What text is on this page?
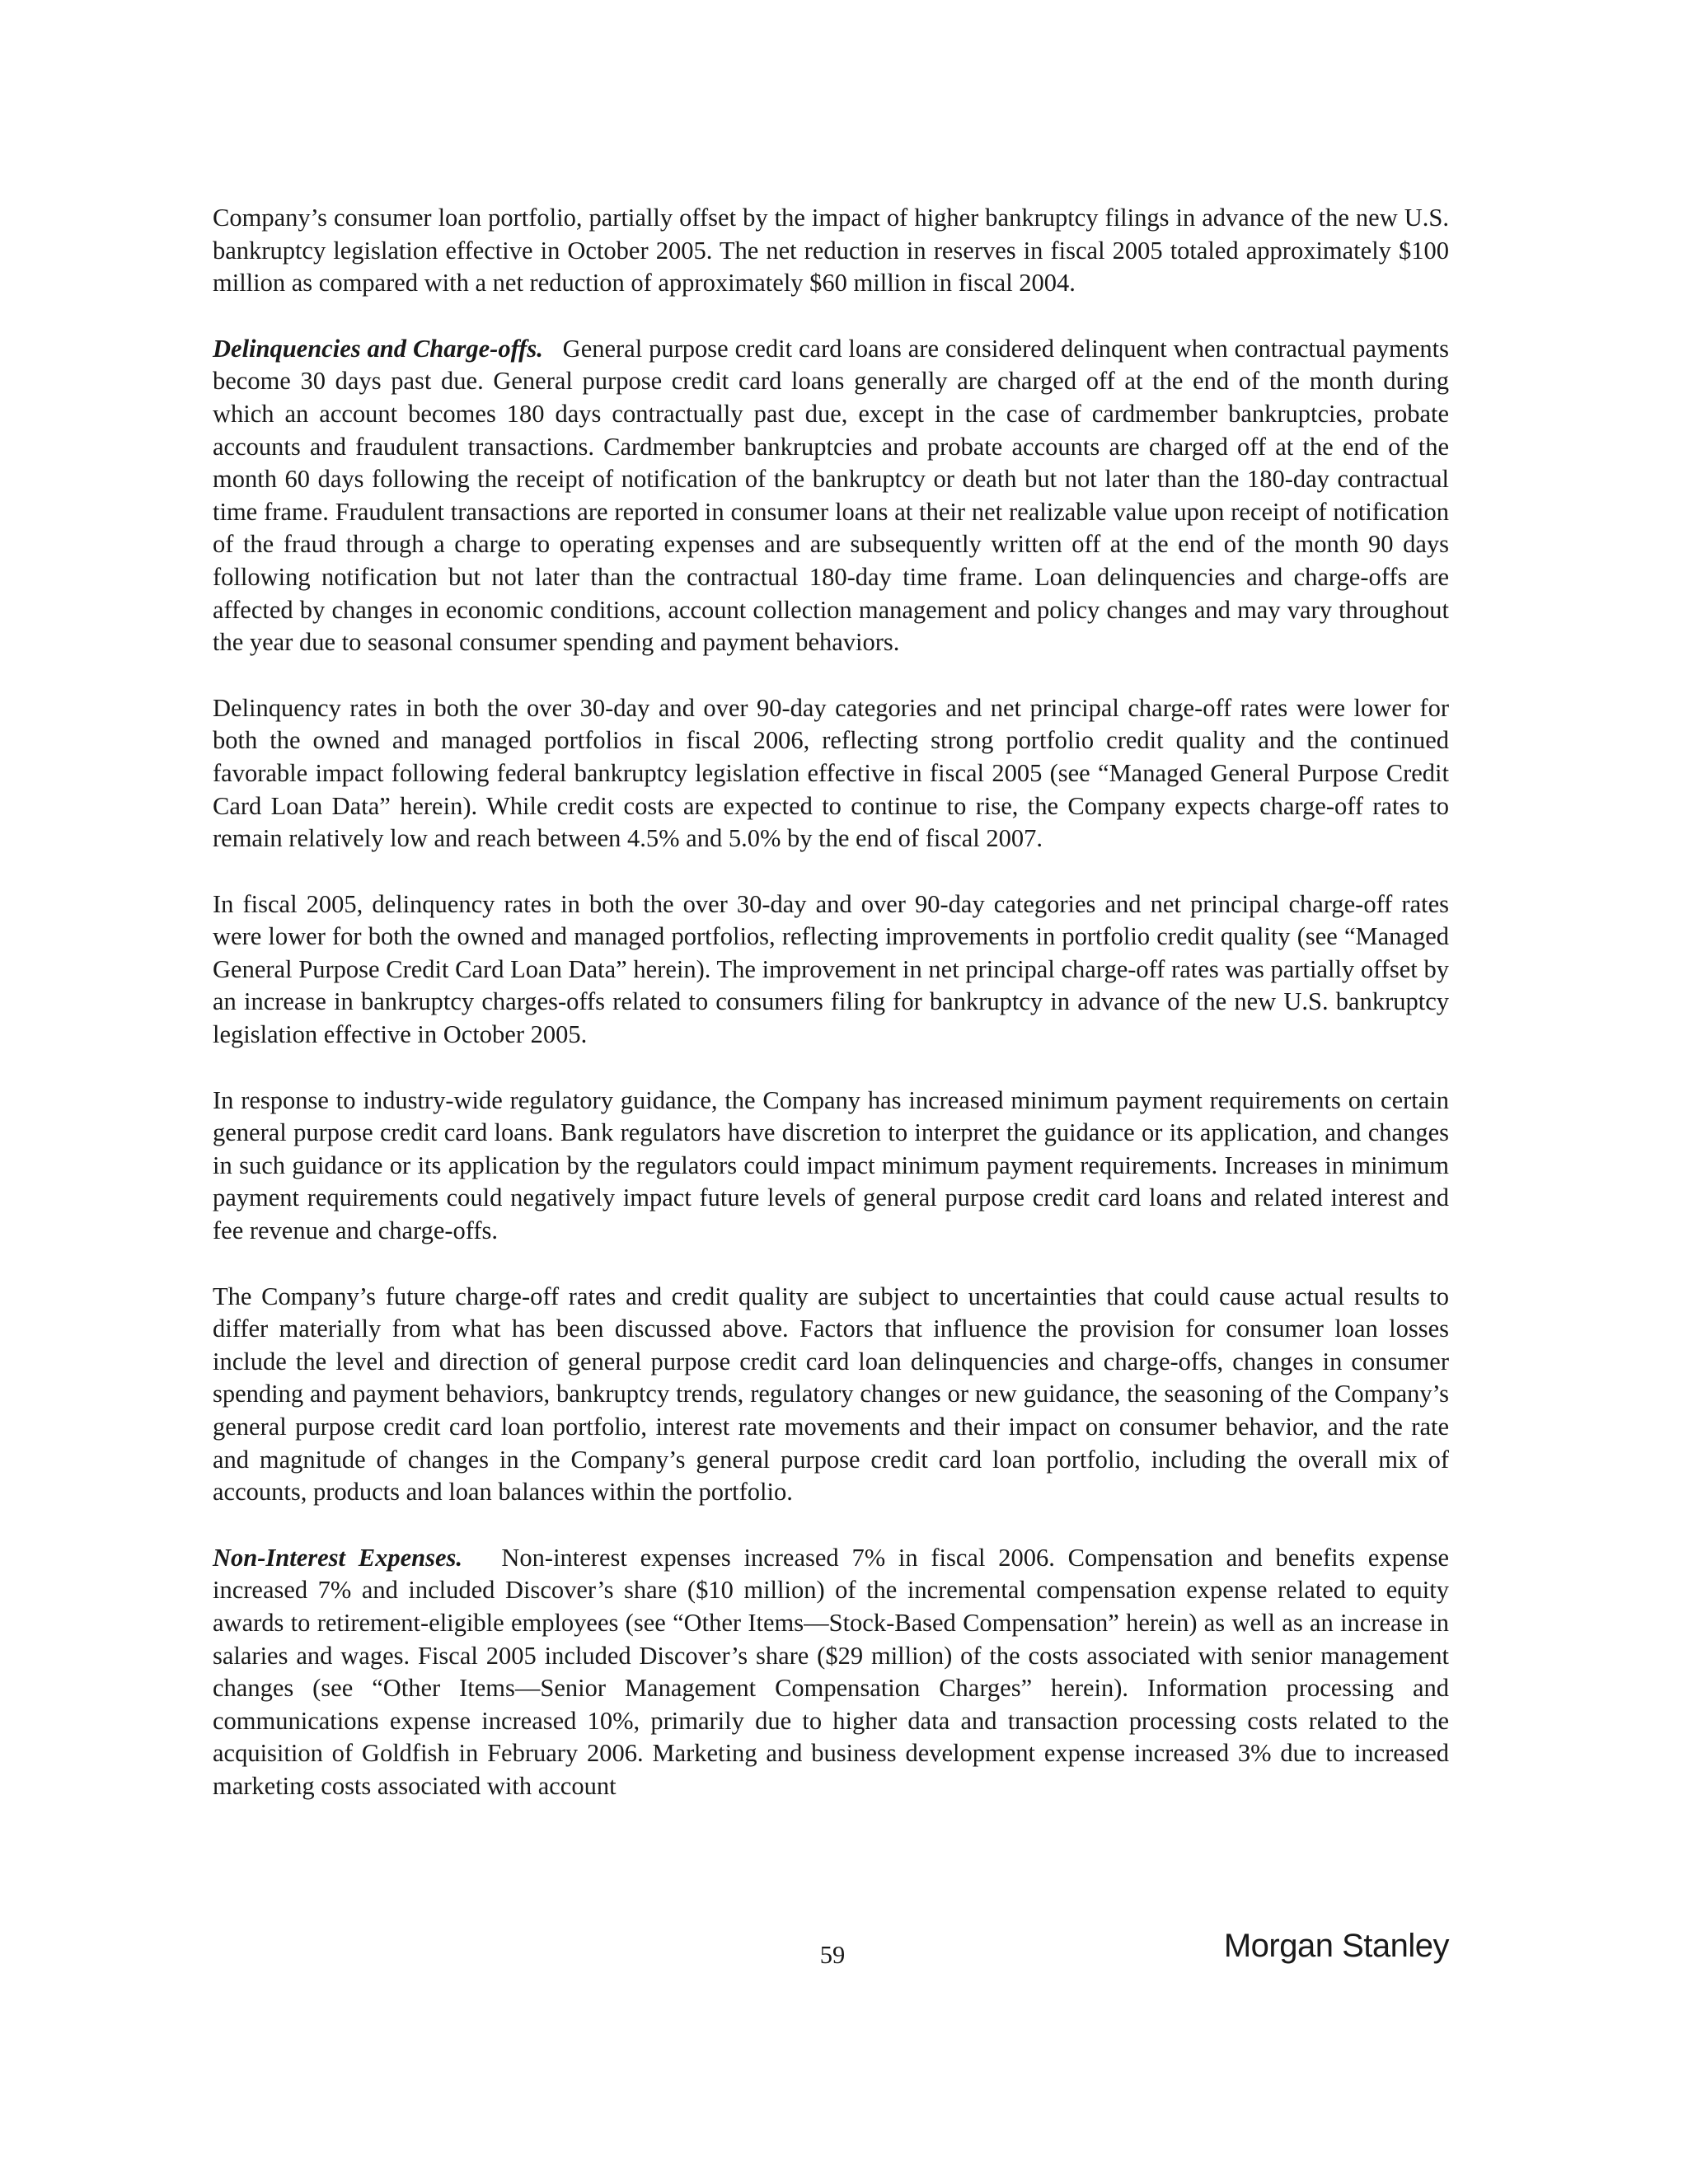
Company’s consumer loan portfolio, partially offset by the impact of higher bankruptcy filings in advance of the new U.S. bankruptcy legislation effective in October 2005. The net reduction in reserves in fiscal 2005 totaled approximately $100 million as compared with a net reduction of approximately $60 million in fiscal 2004.

Delinquencies and Charge-offs. General purpose credit card loans are considered delinquent when contractual payments become 30 days past due. General purpose credit card loans generally are charged off at the end of the month during which an account becomes 180 days contractually past due, except in the case of cardmember bankruptcies, probate accounts and fraudulent transactions. Cardmember bankruptcies and probate accounts are charged off at the end of the month 60 days following the receipt of notification of the bankruptcy or death but not later than the 180-day contractual time frame. Fraudulent transactions are reported in consumer loans at their net realizable value upon receipt of notification of the fraud through a charge to operating expenses and are subsequently written off at the end of the month 90 days following notification but not later than the contractual 180-day time frame. Loan delinquencies and charge-offs are affected by changes in economic conditions, account collection management and policy changes and may vary throughout the year due to seasonal consumer spending and payment behaviors.

Delinquency rates in both the over 30-day and over 90-day categories and net principal charge-off rates were lower for both the owned and managed portfolios in fiscal 2006, reflecting strong portfolio credit quality and the continued favorable impact following federal bankruptcy legislation effective in fiscal 2005 (see “Managed General Purpose Credit Card Loan Data” herein). While credit costs are expected to continue to rise, the Company expects charge-off rates to remain relatively low and reach between 4.5% and 5.0% by the end of fiscal 2007.

In fiscal 2005, delinquency rates in both the over 30-day and over 90-day categories and net principal charge-off rates were lower for both the owned and managed portfolios, reflecting improvements in portfolio credit quality (see “Managed General Purpose Credit Card Loan Data” herein). The improvement in net principal charge-off rates was partially offset by an increase in bankruptcy charges-offs related to consumers filing for bankruptcy in advance of the new U.S. bankruptcy legislation effective in October 2005.

In response to industry-wide regulatory guidance, the Company has increased minimum payment requirements on certain general purpose credit card loans. Bank regulators have discretion to interpret the guidance or its application, and changes in such guidance or its application by the regulators could impact minimum payment requirements. Increases in minimum payment requirements could negatively impact future levels of general purpose credit card loans and related interest and fee revenue and charge-offs.

The Company’s future charge-off rates and credit quality are subject to uncertainties that could cause actual results to differ materially from what has been discussed above. Factors that influence the provision for consumer loan losses include the level and direction of general purpose credit card loan delinquencies and charge-offs, changes in consumer spending and payment behaviors, bankruptcy trends, regulatory changes or new guidance, the seasoning of the Company’s general purpose credit card loan portfolio, interest rate movements and their impact on consumer behavior, and the rate and magnitude of changes in the Company’s general purpose credit card loan portfolio, including the overall mix of accounts, products and loan balances within the portfolio.

Non-Interest Expenses. Non-interest expenses increased 7% in fiscal 2006. Compensation and benefits expense increased 7% and included Discover’s share ($10 million) of the incremental compensation expense related to equity awards to retirement-eligible employees (see “Other Items—Stock-Based Compensation” herein) as well as an increase in salaries and wages. Fiscal 2005 included Discover’s share ($29 million) of the costs associated with senior management changes (see “Other Items—Senior Management Compensation Charges” herein). Information processing and communications expense increased 10%, primarily due to higher data and transaction processing costs related to the acquisition of Goldfish in February 2006. Marketing and business development expense increased 3% due to increased marketing costs associated with account

59	Morgan Stanley
